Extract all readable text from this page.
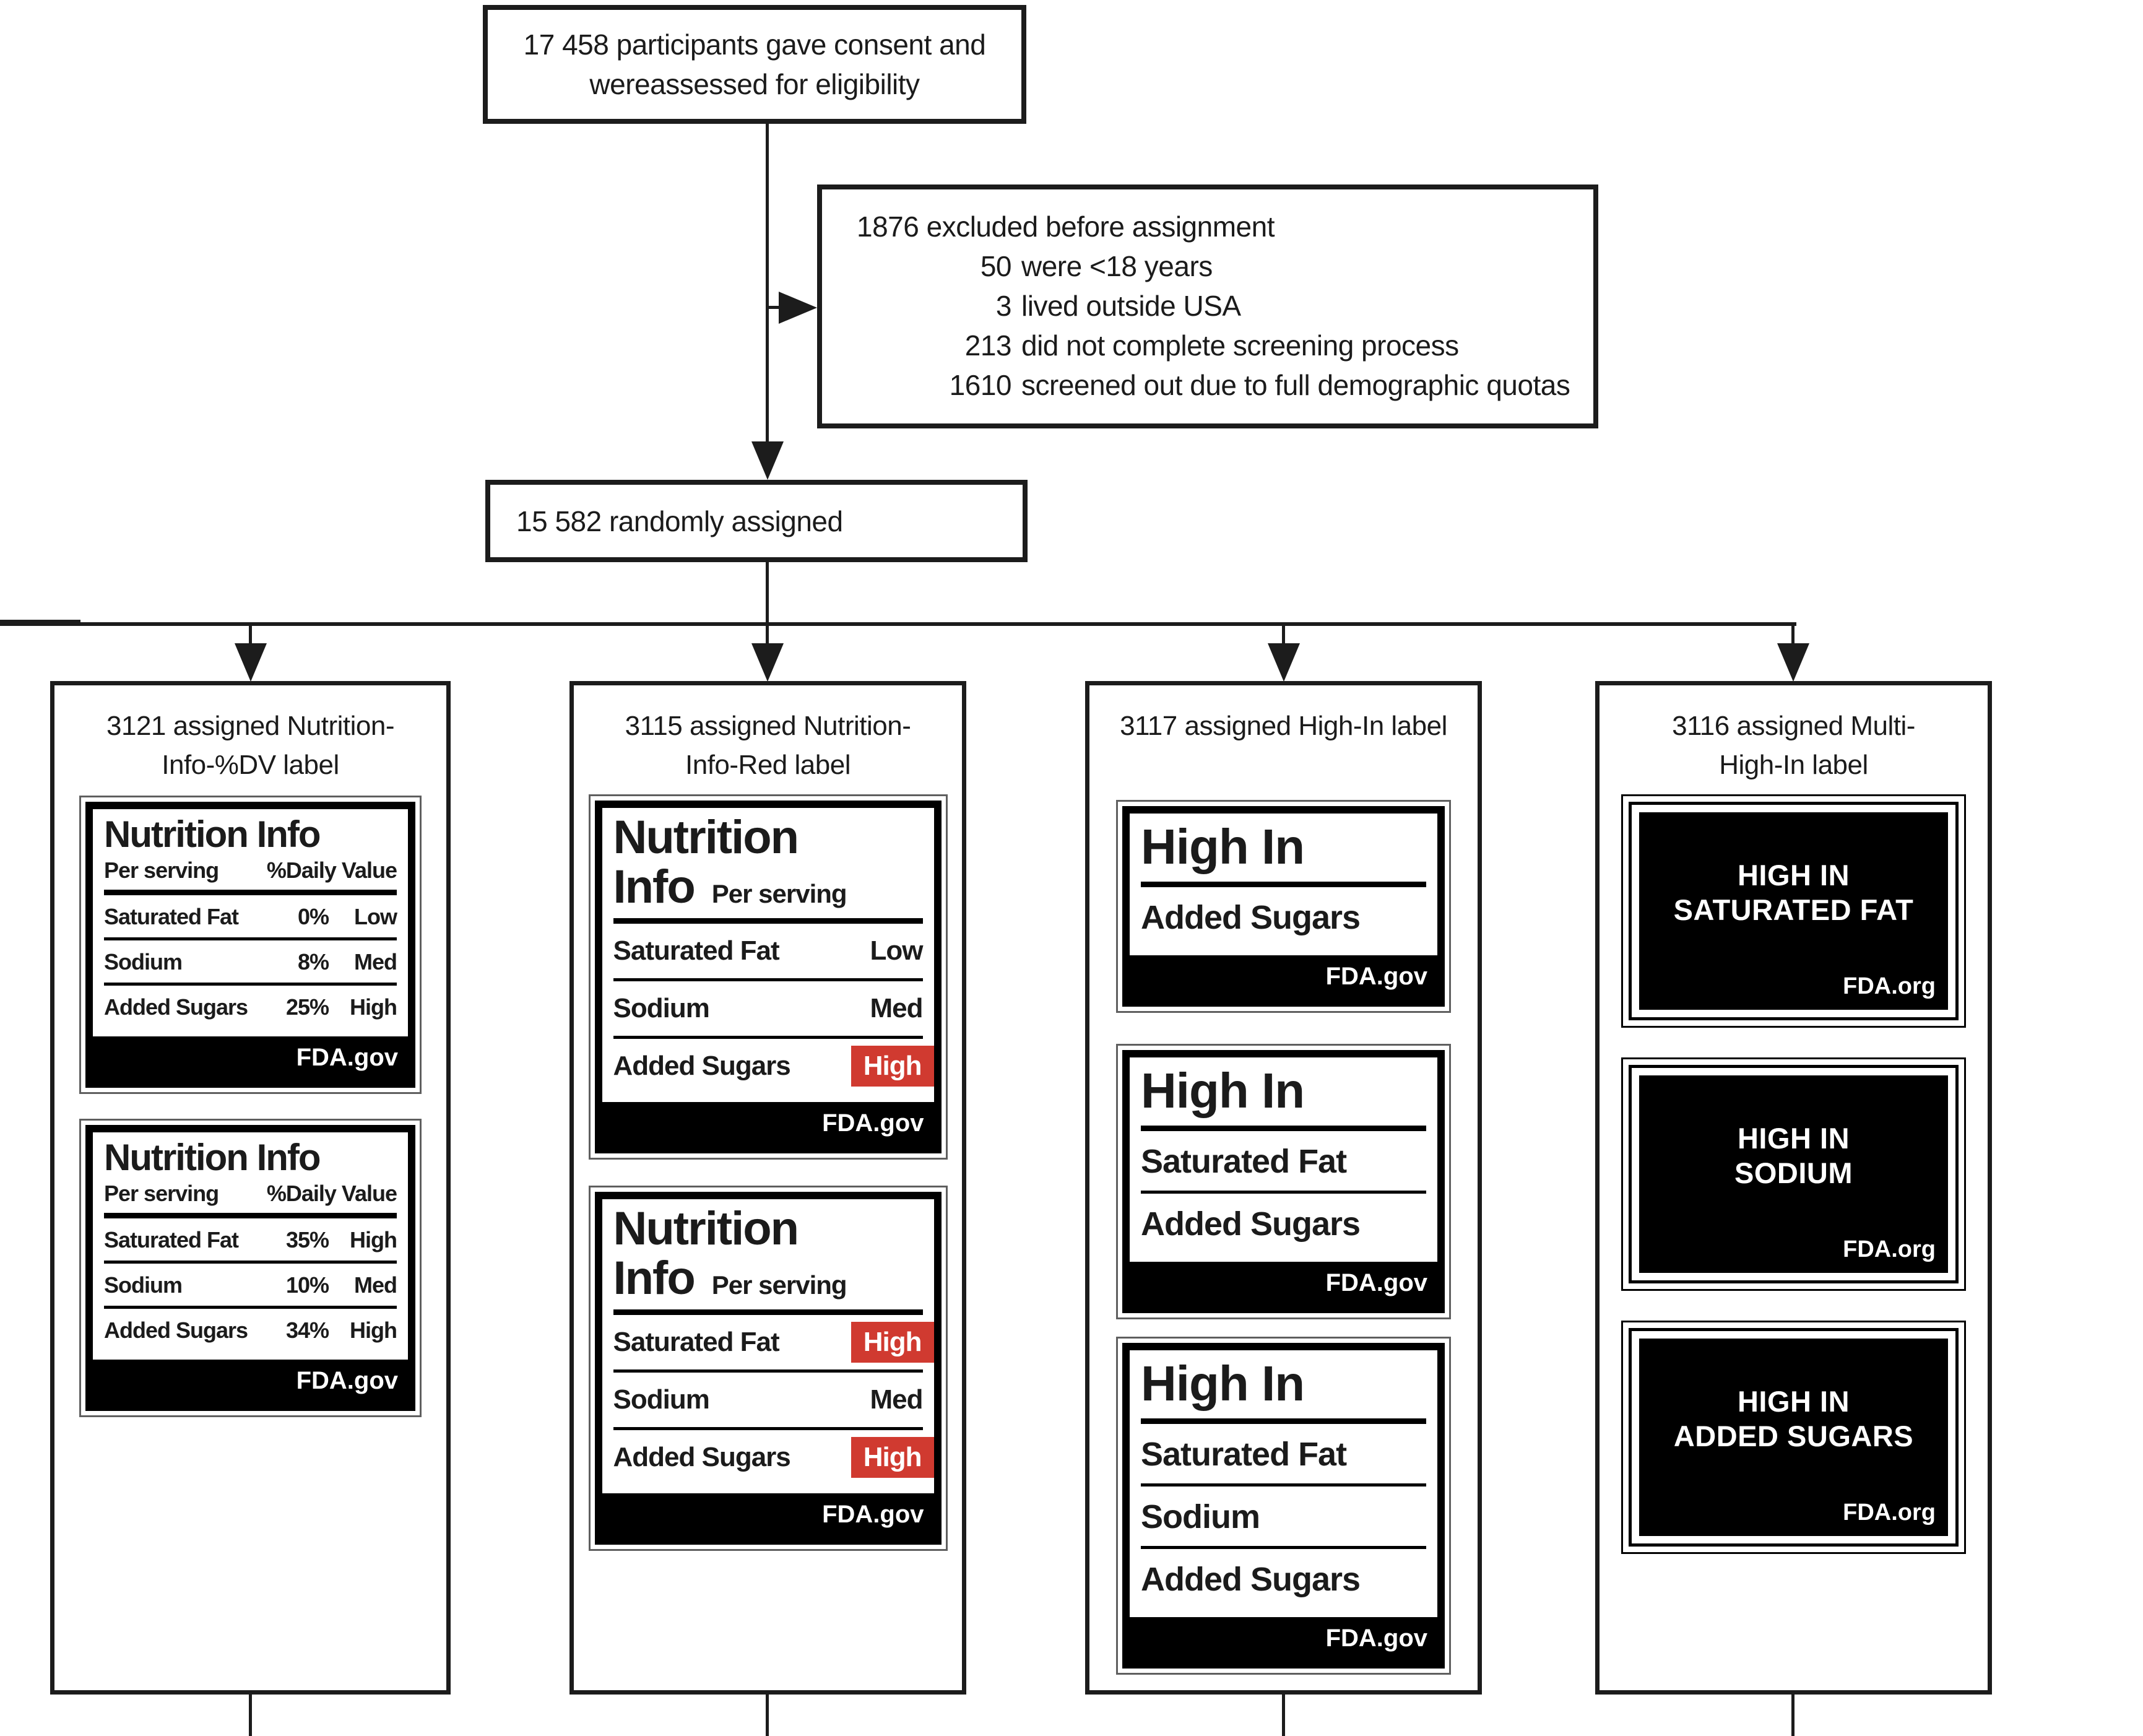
17 458 participants gave consent and
wereassessed for eligibility
1876 excluded before assignment
50 were <18 years
3 lived outside USA
213 did not complete screening process
1610 screened out due to full demographic quotas
15 582 randomly assigned
3121 assigned Nutrition-
Info-%DV label
Nutrition Info
Per serving %Daily Value
Saturated Fat	0%	Low
Sodium	8%	Med
Added Sugars	25% High
FDA.gov
Nutrition Info
Per serving %Daily Value
Saturated Fat	35% High
Sodium	10%	Med
Added Sugars	34% High
FDA.gov
3115 assigned Nutrition-
Info-Red label
Nutrition
Info Per serving
Saturated Fat	Low
Sodium	Med
Added Sugars	High
FDA.gov
Nutrition
Info Per serving
Saturated Fat	High
Sodium	Med
Added Sugars	High
FDA.gov
3117 assigned High-In label
High In
Added Sugars
FDA.gov
High In
Saturated Fat
Added Sugars
FDA.gov
High In
Saturated Fat
Sodium
Added Sugars
FDA.gov
3116 assigned Multi-
High-In label
HIGH IN
SATURATED FAT
FDA.org
HIGH IN
SODIUM
FDA.org
HIGH IN
ADDED SUGARS
FDA.org
